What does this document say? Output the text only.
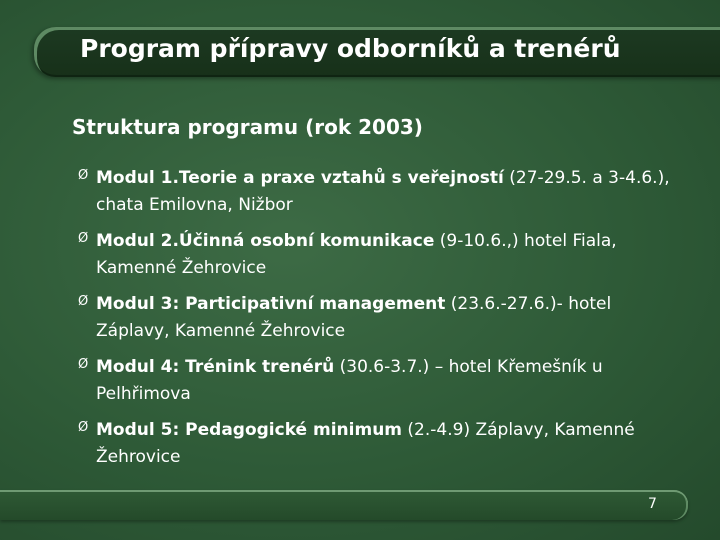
Program přípravy odborníků a trenérů
Struktura programu (rok 2003)
Ø Modul 1.Teorie a praxe vztahů s veřejností (27-29.5. a 3-4.6.), chata Emilovna, Nižbor
Ø Modul 2.Účinná osobní komunikace (9-10.6.,) hotel Fiala, Kamenné Žehrovice
Ø Modul 3: Participativní management (23.6.-27.6.)- hotel Záplavy, Kamenné Žehrovice
Ø Modul 4: Trénink trenérů (30.6-3.7.) – hotel Křemešník u Pelhřimova
Ø Modul 5: Pedagogické minimum (2.-4.9) Záplavy, Kamenné Žehrovice
7
